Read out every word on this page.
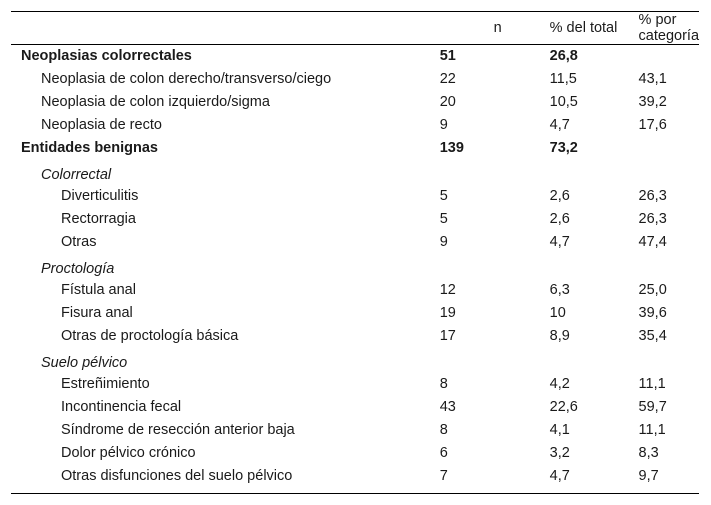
	n	% del total	% por categoría
Neoplasias colorrectales	51	26,8	
Neoplasia de colon derecho/transverso/ciego	22	11,5	43,1
Neoplasia de colon izquierdo/sigma	20	10,5	39,2
Neoplasia de recto	9	4,7	17,6
Entidades benignas	139	73,2	
Colorrectal			
Diverticulitis	5	2,6	26,3
Rectorragia	5	2,6	26,3
Otras	9	4,7	47,4
Proctología			
Fístula anal	12	6,3	25,0
Fisura anal	19	10	39,6
Otras de proctología básica	17	8,9	35,4
Suelo pélvico			
Estreñimiento	8	4,2	11,1
Incontinencia fecal	43	22,6	59,7
Síndrome de resección anterior baja	8	4,1	11,1
Dolor pélvico crónico	6	3,2	8,3
Otras disfunciones del suelo pélvico	7	4,7	9,7
